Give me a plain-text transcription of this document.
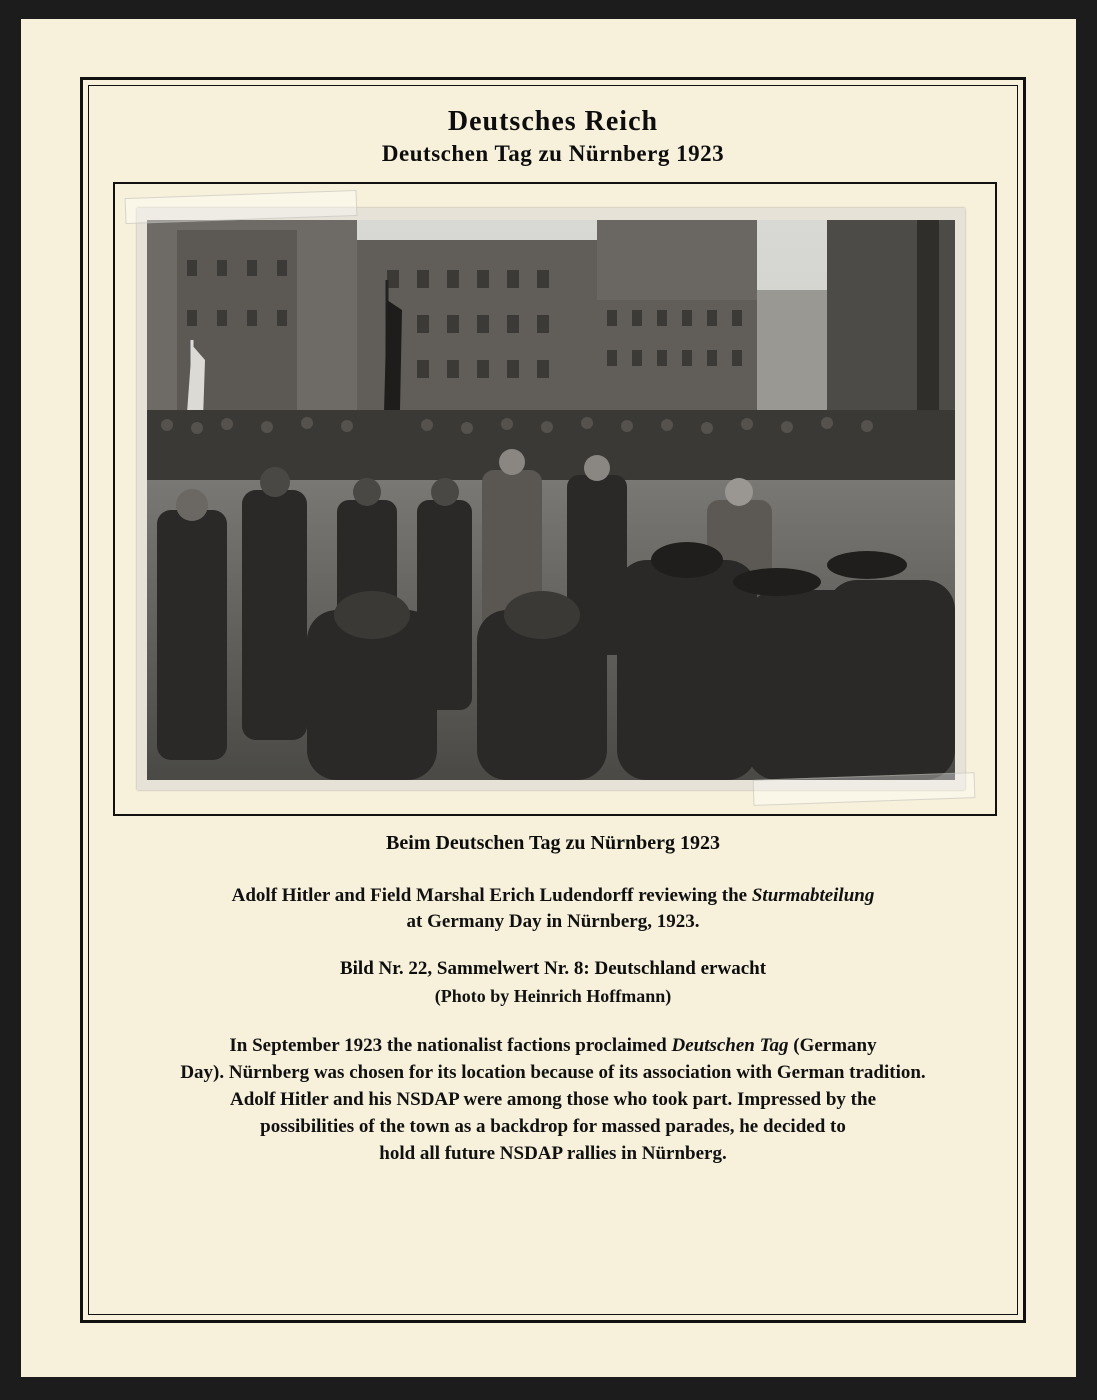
Deutsches Reich
Deutschen Tag zu Nürnberg 1923
Beim Deutschen Tag zu Nürnberg 1923
Adolf Hitler and Field Marshal Erich Ludendorff reviewing the Sturmabteilung
at Germany Day in Nürnberg, 1923.
Bild Nr. 22, Sammelwert Nr. 8: Deutschland erwacht
(Photo by Heinrich Hoffmann)
In September 1923 the nationalist factions proclaimed Deutschen Tag (Germany
Day). Nürnberg was chosen for its location because of its association with German tradition.
Adolf Hitler and his NSDAP were among those who took part. Impressed by the
possibilities of the town as a backdrop for massed parades, he decided to
hold all future NSDAP rallies in Nürnberg.
